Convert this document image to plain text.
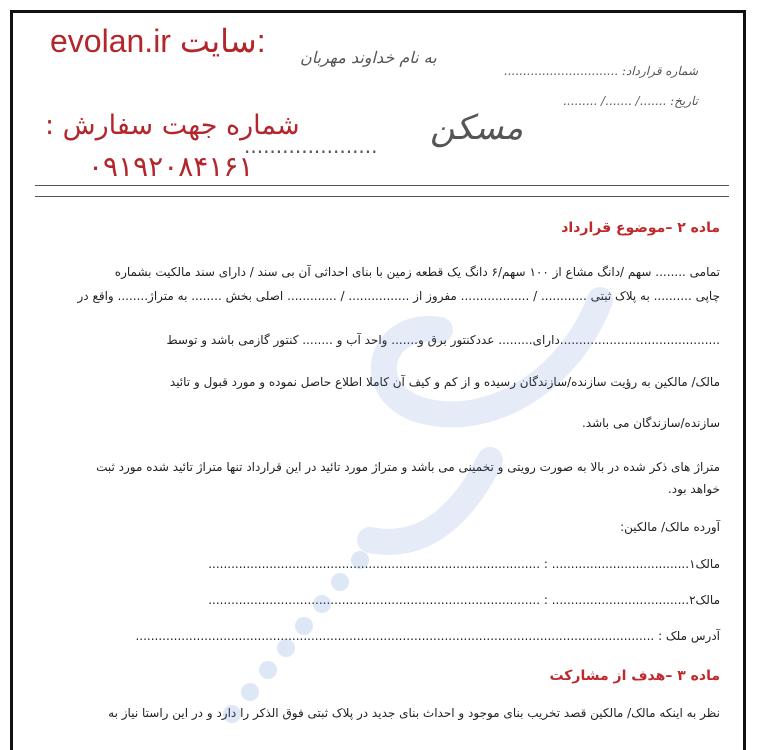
evolan.ir سایت: به نام خداوند مهربان
شماره قرارداد: ..............................
تاریخ: ......./ ......./ .........
شماره جهت سفارش :
۰۹۱۹۲۰۸۴۱۶۱
..................... مسکن
ماده ۲ –موضوع قرارداد
تمامی ........ سهم /دانگ مشاع از ۱۰۰ سهم/۶ دانگ یک قطعه زمین با بنای احداثی آن بی سند / دارای سند مالکیت بشماره
چاپی .......... به پلاک ثبتی ............ / .................. مفروز از ................ / ............. اصلی بخش ........ به متراژ........ واقع در
..........................................دارای......... عددکنتور برق و....... واحد آب و ........ کنتور گازمی باشد و توسط
مالک/ مالکین به رؤیت سازنده/سازندگان رسیده و از کم و کیف آن کاملا اطلاع حاصل نموده و مورد قبول و تائید
سازنده/سازندگان می باشد.
متراژ های ذکر شده در بالا به صورت رویتی و تخمینی می باشد و متراژ مورد تائید در این قرارداد تنها متراژ تائید شده مورد ثبت خواهد بود.
آورده مالک/ مالکین:
مالک۱.................................... : .......................................................................................
مالک۲.................................... : .......................................................................................
آدرس ملک : ........................................................................................................................................
ماده ۳ –هدف از مشارکت
نظر به اینکه مالک/ مالکین قصد تخریب بنای موجود و احداث بنای جدید در پلاک ثبتی فوق الذکر را دارد و در این راستا نیاز به
